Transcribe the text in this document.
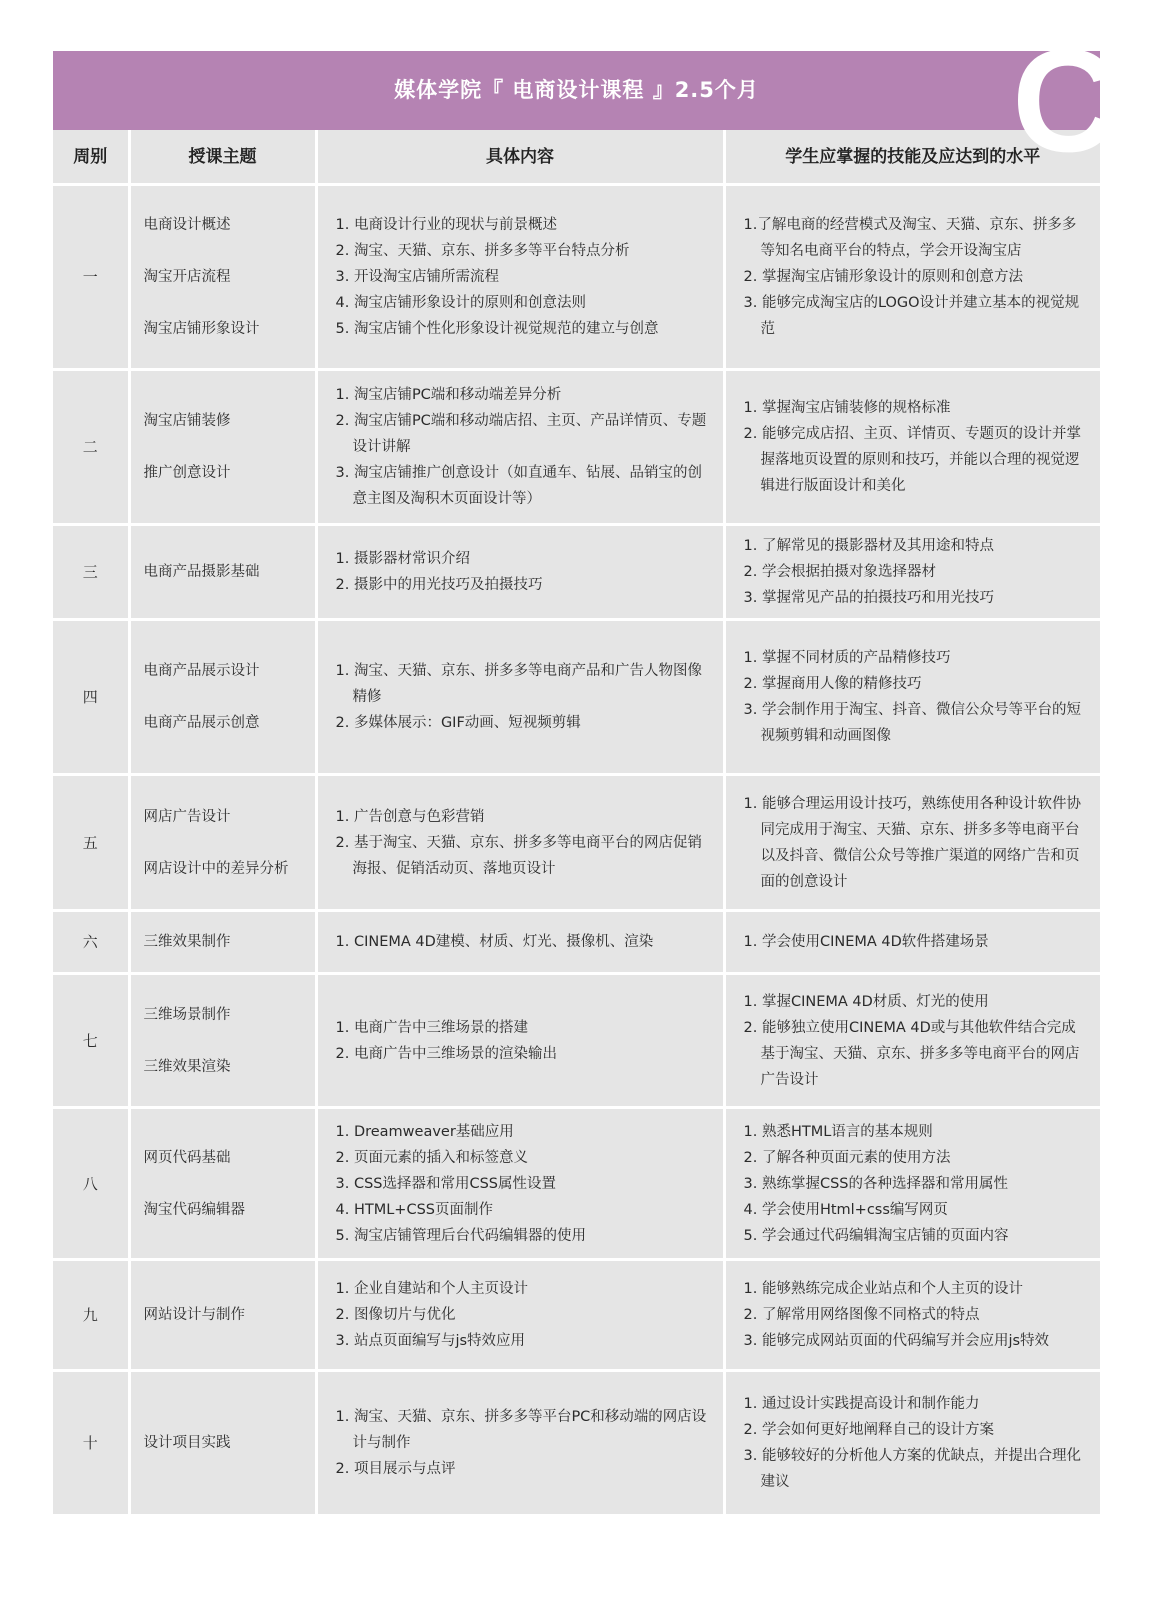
媒体学院『 电商设计课程 』2.5个月	C
周别	授课主题	具体内容	学生应掌握的技能及应达到的水平
一	电商设计概述
淘宝开店流程
淘宝店铺形象设计	1. 电商设计行业的现状与前景概述
2. 淘宝、天猫、京东、拼多多等平台特点分析
3. 开设淘宝店铺所需流程
4. 淘宝店铺形象设计的原则和创意法则
5. 淘宝店铺个性化形象设计视觉规范的建立与创意	1.了解电商的经营模式及淘宝、天猫、京东、拼多多等知名电商平台的特点，学会开设淘宝店
2. 掌握淘宝店铺形象设计的原则和创意方法
3. 能够完成淘宝店的LOGO设计并建立基本的视觉规范

二	淘宝店铺装修
推广创意设计	1. 淘宝店铺PC端和移动端差异分析
2. 淘宝店铺PC端和移动端店招、主页、产品详情页、专题设计讲解
3. 淘宝店铺推广创意设计（如直通车、钻展、品销宝的创意主图及淘积木页面设计等）	1. 掌握淘宝店铺装修的规格标准
2. 能够完成店招、主页、详情页、专题页的设计并掌握落地页设置的原则和技巧，并能以合理的视觉逻辑进行版面设计和美化

三	电商产品摄影基础	1. 摄影器材常识介绍
2. 摄影中的用光技巧及拍摄技巧	1. 了解常见的摄影器材及其用途和特点
2. 学会根据拍摄对象选择器材
3. 掌握常见产品的拍摄技巧和用光技巧

四	电商产品展示设计
电商产品展示创意	1. 淘宝、天猫、京东、拼多多等电商产品和广告人物图像精修
2. 多媒体展示：GIF动画、短视频剪辑	1. 掌握不同材质的产品精修技巧
2. 掌握商用人像的精修技巧
3. 学会制作用于淘宝、抖音、微信公众号等平台的短视频剪辑和动画图像

五	网店广告设计
网店设计中的差异分析	1. 广告创意与色彩营销
2. 基于淘宝、天猫、京东、拼多多等电商平台的网店促销海报、促销活动页、落地页设计	1. 能够合理运用设计技巧，熟练使用各种设计软件协同完成用于淘宝、天猫、京东、拼多多等电商平台以及抖音、微信公众号等推广渠道的网络广告和页面的创意设计

六	三维效果制作	1. CINEMA 4D建模、材质、灯光、摄像机、渲染	1. 学会使用CINEMA 4D软件搭建场景

七	三维场景制作
三维效果渲染	1. 电商广告中三维场景的搭建
2. 电商广告中三维场景的渲染输出	1. 掌握CINEMA 4D材质、灯光的使用
2. 能够独立使用CINEMA 4D或与其他软件结合完成基于淘宝、天猫、京东、拼多多等电商平台的网店广告设计

八	网页代码基础
淘宝代码编辑器	1. Dreamweaver基础应用
2. 页面元素的插入和标签意义
3. CSS选择器和常用CSS属性设置
4. HTML+CSS页面制作
5. 淘宝店铺管理后台代码编辑器的使用	1. 熟悉HTML语言的基本规则
2. 了解各种页面元素的使用方法
3. 熟练掌握CSS的各种选择器和常用属性
4. 学会使用Html+css编写网页
5. 学会通过代码编辑淘宝店铺的页面内容

九	网站设计与制作	1. 企业自建站和个人主页设计
2. 图像切片与优化
3. 站点页面编写与js特效应用	1. 能够熟练完成企业站点和个人主页的设计
2. 了解常用网络图像不同格式的特点
3. 能够完成网站页面的代码编写并会应用js特效

十	设计项目实践	1. 淘宝、天猫、京东、拼多多等平台PC和移动端的网店设计与制作
2. 项目展示与点评	1. 通过设计实践提高设计和制作能力
2. 学会如何更好地阐释自己的设计方案
3. 能够较好的分析他人方案的优缺点，并提出合理化建议
